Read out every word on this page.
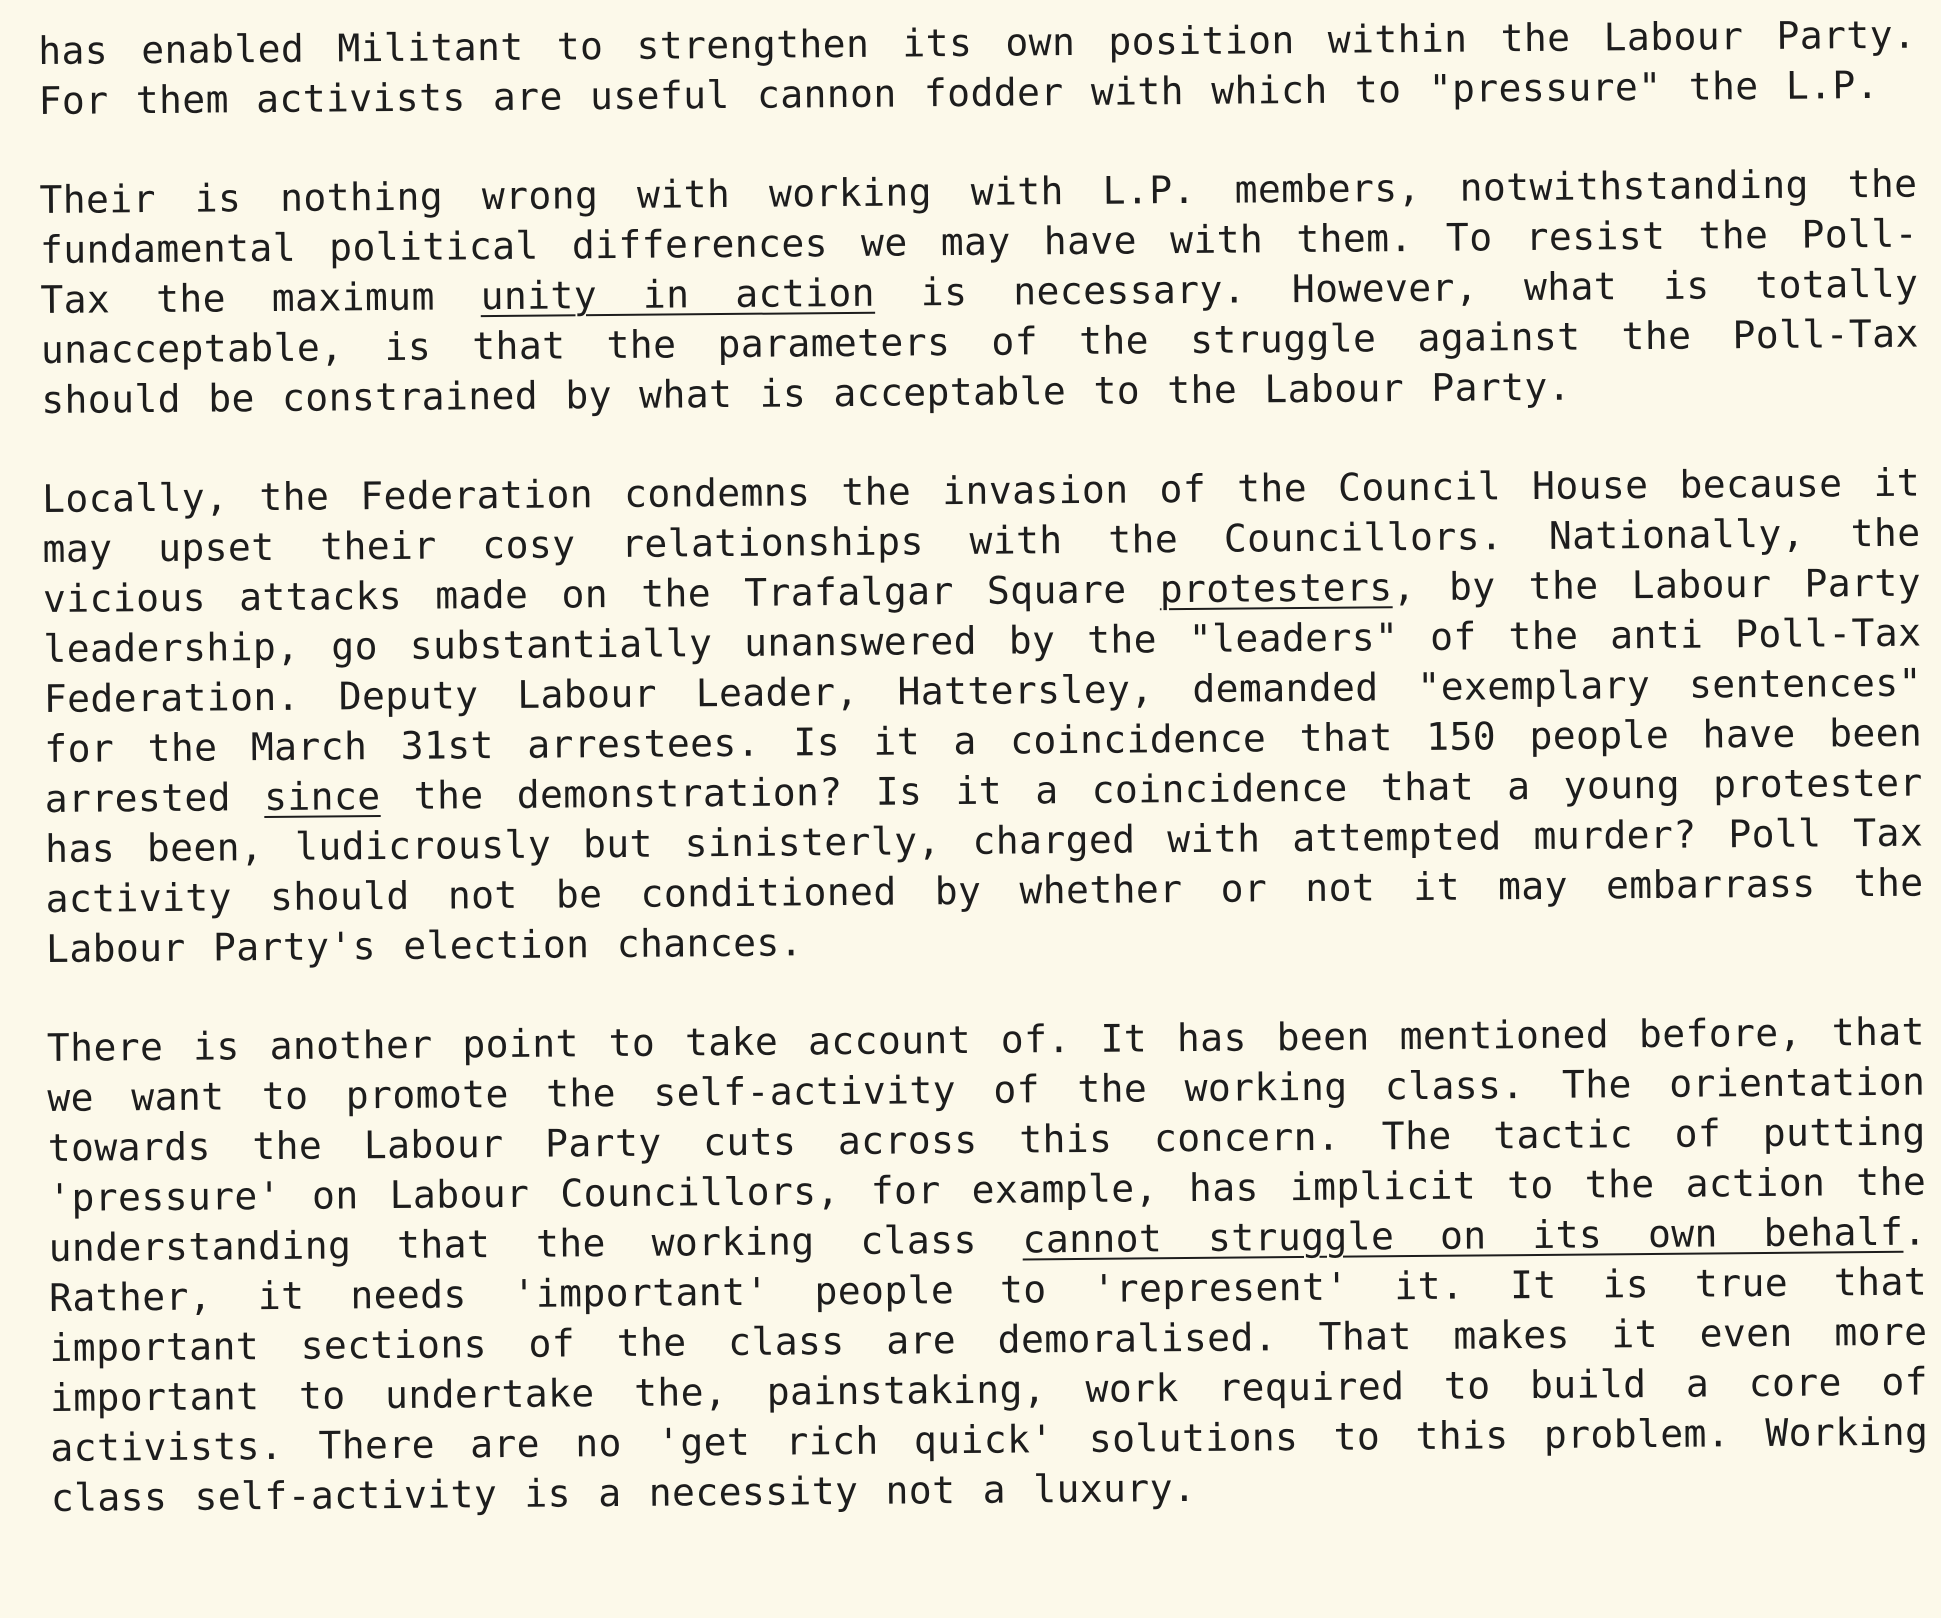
has enabled Militant to strengthen its own position within the Labour Party. For them activists are useful cannon fodder with which to "pressure" the L.P.

Their is nothing wrong with working with L.P. members, notwithstanding the fundamental political differences we may have with them. To resist the Poll-Tax the maximum unity in action is necessary. However, what is totally unacceptable, is that the parameters of the struggle against the Poll-Tax should be constrained by what is acceptable to the Labour Party.

Locally, the Federation condemns the invasion of the Council House because it may upset their cosy relationships with the Councillors. Nationally, the vicious attacks made on the Trafalgar Square protesters, by the Labour Party leadership, go substantially unanswered by the "leaders" of the anti Poll-Tax Federation. Deputy Labour Leader, Hattersley, demanded "exemplary sentences" for the March 31st arrestees. Is it a coincidence that 150 people have been arrested since the demonstration? Is it a coincidence that a young protester has been, ludicrously but sinisterly, charged with attempted murder? Poll Tax activity should not be conditioned by whether or not it may embarrass the Labour Party's election chances.

There is another point to take account of. It has been mentioned before, that we want to promote the self-activity of the working class. The orientation towards the Labour Party cuts across this concern. The tactic of putting 'pressure' on Labour Councillors, for example, has implicit to the action the understanding that the working class cannot struggle on its own behalf. Rather, it needs 'important' people to 'represent' it. It is true that important sections of the class are demoralised. That makes it even more important to undertake the, painstaking, work required to build a core of activists. There are no 'get rich quick' solutions to this problem. Working class self-activity is a necessity not a luxury.
